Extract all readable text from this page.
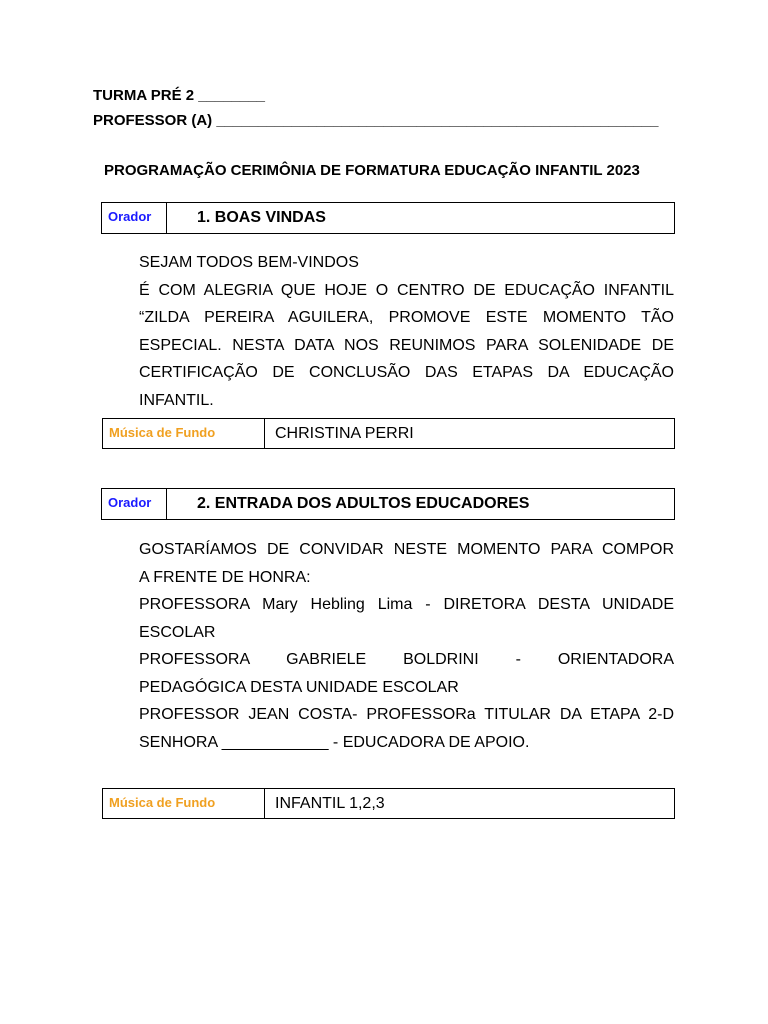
TURMA PRÉ 2 ________
PROFESSOR (A) _____________________________________________________
PROGRAMAÇÃO CERIMÔNIA DE FORMATURA EDUCAÇÃO INFANTIL 2023
Orador	1. BOAS VINDAS
SEJAM TODOS BEM-VINDOS
É COM ALEGRIA QUE HOJE O CENTRO DE EDUCAÇÃO INFANTIL
“ZILDA PEREIRA AGUILERA, PROMOVE ESTE MOMENTO TÃO
ESPECIAL. NESTA DATA NOS REUNIMOS PARA SOLENIDADE DE
CERTIFICAÇÃO DE CONCLUSÃO DAS ETAPAS DA EDUCAÇÃO
INFANTIL.
Música de Fundo	CHRISTINA PERRI
Orador	2. ENTRADA DOS ADULTOS EDUCADORES
GOSTARÍAMOS DE CONVIDAR NESTE MOMENTO PARA COMPOR
A FRENTE DE HONRA:
PROFESSORA Mary Hebling Lima - DIRETORA DESTA UNIDADE
ESCOLAR
PROFESSORA GABRIELE BOLDRINI - ORIENTADORA
PEDAGÓGICA DESTA UNIDADE ESCOLAR
PROFESSOR JEAN COSTA- PROFESSORa TITULAR DA ETAPA 2-D
SENHORA ____________ - EDUCADORA DE APOIO.
Música de Fundo	INFANTIL 1,2,3
